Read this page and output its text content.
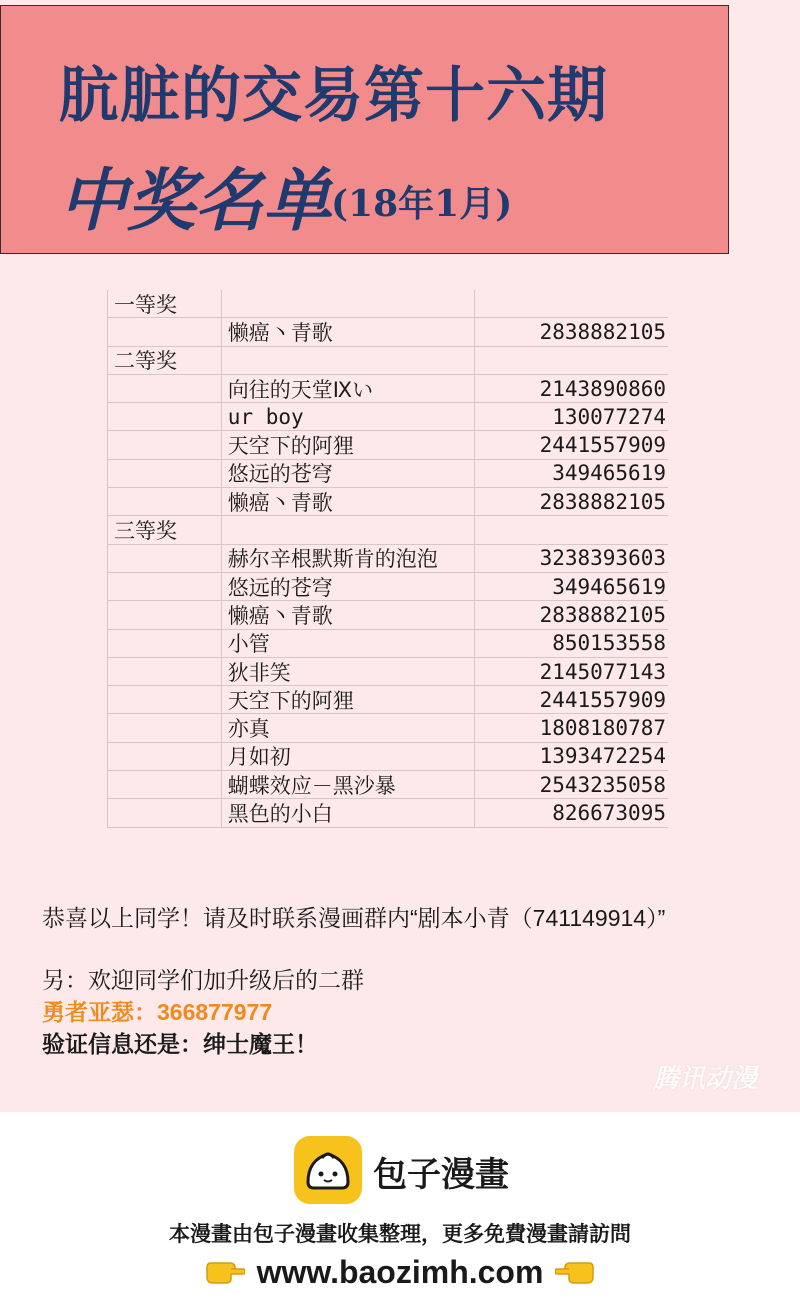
肮脏的交易第十六期
中奖名单(18年1月)
一等奖
懒癌丶青歌	2838882105
二等奖
向往的天堂Ⅸい	2143890860
ur boy	130077274
天空下的阿狸	2441557909
悠远的苍穹	349465619
懒癌丶青歌	2838882105
三等奖
赫尔辛根默斯肯的泡泡	3238393603
悠远的苍穹	349465619
懒癌丶青歌	2838882105
小管	850153558
狄非笑	2145077143
天空下的阿狸	2441557909
亦真	1808180787
月如初	1393472254
蝴蝶效应－黑沙暴	2543235058
黑色的小白	826673095
恭喜以上同学！请及时联系漫画群内“剧本小青（741149914）”
另：欢迎同学们加升级后的二群
勇者亚瑟：366877977
验证信息还是：绅士魔王！
腾讯动漫
包子漫畫
本漫畫由包子漫畫收集整理，更多免費漫畫請訪問
www.baozimh.com
